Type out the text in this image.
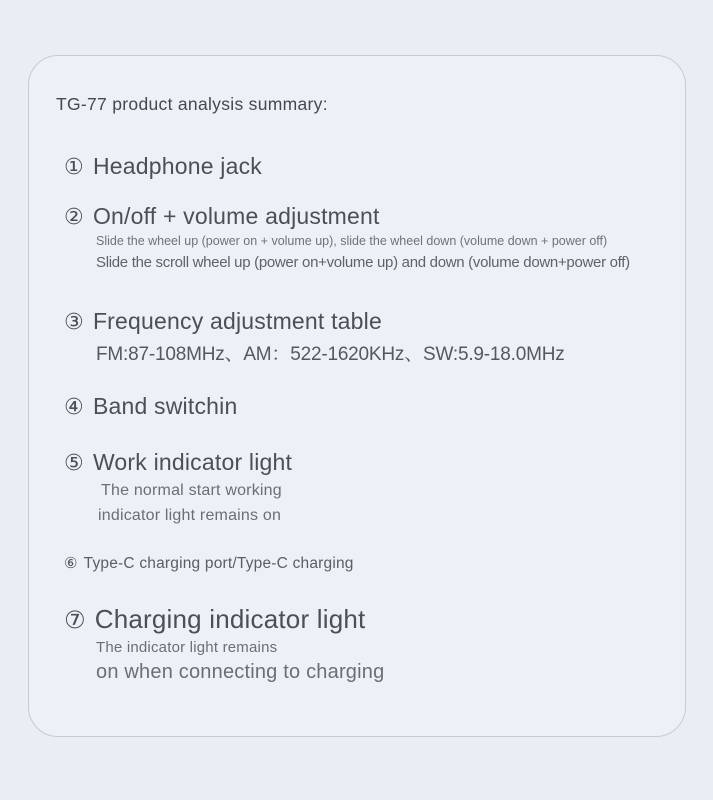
TG-77 product analysis summary:

① Headphone jack
② On/off + volume adjustment

Slide the wheel up (power on + volume up), slide the wheel down (volume down + power off)

Slide the scroll wheel up (power on+volume up) and down (volume down+power off)

③ Frequency adjustment table

FM:87-108MHz、AM：522-1620KHz、SW:5.9-18.0MHz

④ Band switchin
⑤ Work indicator light

The normal start working

indicator light remains on

⑥ Type-C charging port/Type-C charging
⑦ Charging indicator light

The indicator light remains

on when connecting to charging
